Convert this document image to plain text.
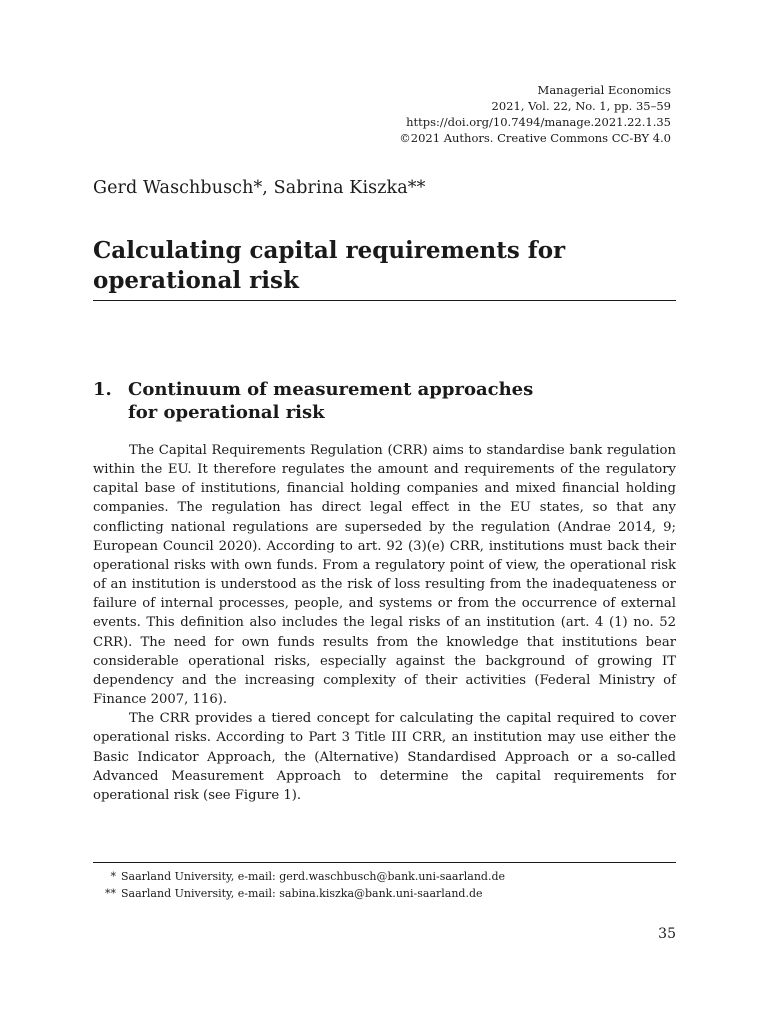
Managerial Economics
2021, Vol. 22, No. 1, pp. 35–59
https://doi.org/10.7494/manage.2021.22.1.35
©2021 Authors. Creative Commons CC-BY 4.0
Gerd Waschbusch*, Sabrina Kiszka**
Calculating capital requirements for
operational risk
1. Continuum of measurement approaches
for operational risk

The Capital Requirements Regulation (CRR) aims to standardise bank regulation within the EU. It therefore regulates the amount and requirements of the regulatory capital base of institutions, financial holding companies and mixed financial holding companies. The regulation has direct legal effect in the EU states, so that any conflicting national regulations are superseded by the regulation (Andrae 2014, 9; European Council 2020). According to art. 92 (3)(e) CRR, institutions must back their operational risks with own funds. From a regulatory point of view, the operational risk of an institution is understood as the risk of loss resulting from the inadequateness or failure of internal processes, people, and systems or from the occurrence of external events. This definition also includes the legal risks of an institution (art. 4 (1) no. 52 CRR). The need for own funds results from the knowledge that institutions bear considerable operational risks, especially against the background of growing IT dependency and the increasing complexity of their activities (Federal Ministry of Finance 2007, 116).

The CRR provides a tiered concept for calculating the capital required to cover operational risks. According to Part 3 Title III CRR, an institution may use either the Basic Indicator Approach, the (Alternative) Standardised Approach or a so-called Advanced Measurement Approach to determine the capital requirements for operational risk (see Figure 1).

* Saarland University, e-mail: gerd.waschbusch@bank.uni-saarland.de
** Saarland University, e-mail: sabina.kiszka@bank.uni-saarland.de
35
